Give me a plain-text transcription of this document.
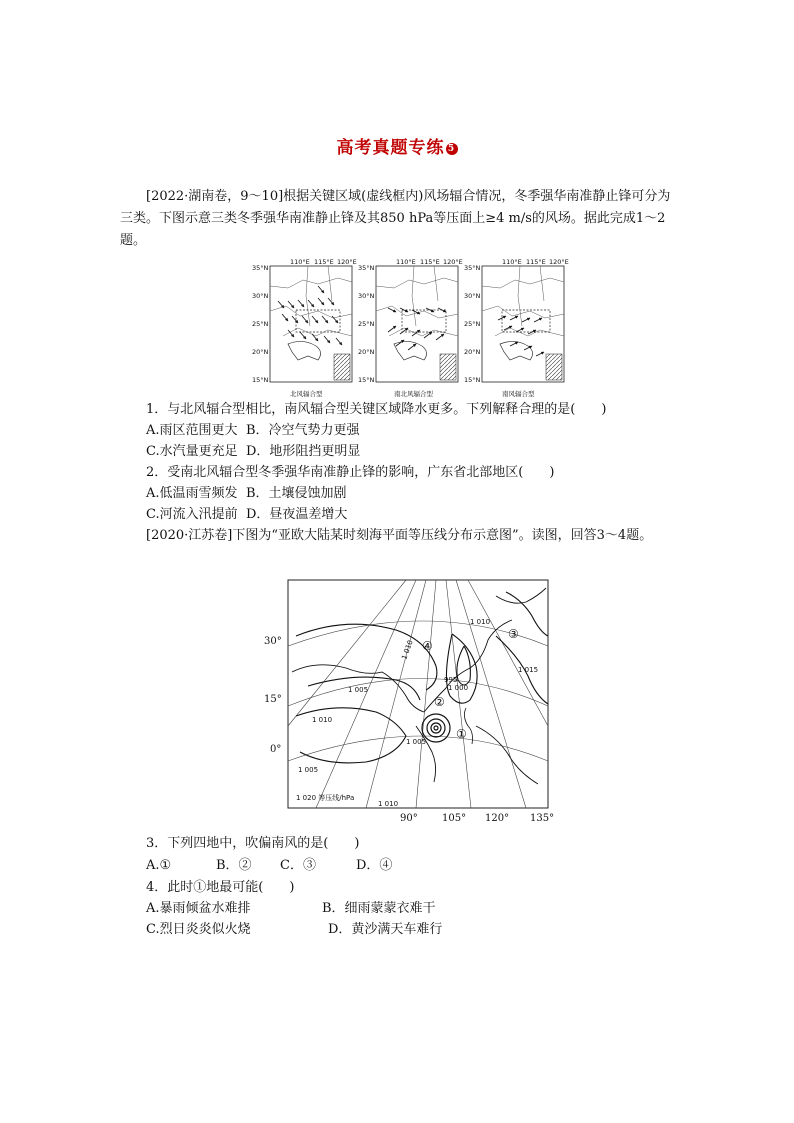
高考真题专练 5

[2022·湖南卷，9～10]根据关键区域(虚线框内)风场辐合情况，冬季强华南准静止锋可分为三类。下图示意三类冬季强华南准静止锋及其850 hPa等压面上≥4 m/s的风场。据此完成1～2题。

110°E 115°E 120°E	110°E 115°E 120°E	110°E 115°E 120°E
35°N
30°N
25°N
20°N
15°N
35°N
30°N
25°N
20°N
15°N
35°N
30°N
25°N
20°N
15°N
北风辐合型	南北风辐合型	南风辐合型
1．与北风辐合型相比，南风辐合型关键区域降水更多。下列解释合理的是(　　)
A.雨区范围更大 B．冷空气势力更强
C.水汽量更充足 D．地形阻挡更明显
2．受南北风辐合型冬季强华南准静止锋的影响，广东省北部地区(　　)
A.低温雨雪频发 B．土壤侵蚀加剧
C.河流入汛提前 D．昼夜温差增大

[2020·江苏卷]下图为“亚欧大陆某时刻海平面等压线分布示意图”。读图，回答3～4题。

30°
15°
0°
90° 105° 120° 135°
①
②
③
④
1 010
1 005
1 010
1 010
1 015
995
1 000
1 005
1 005
1 010
1 020 等压线/hPa
3．下列四地中，吹偏南风的是(　　)
A.①	B．② C．③	D．④
4．此时①地最可能(　　)
A.暴雨倾盆水难排	B．细雨蒙蒙衣难干
C.烈日炎炎似火烧	D．黄沙满天车难行
